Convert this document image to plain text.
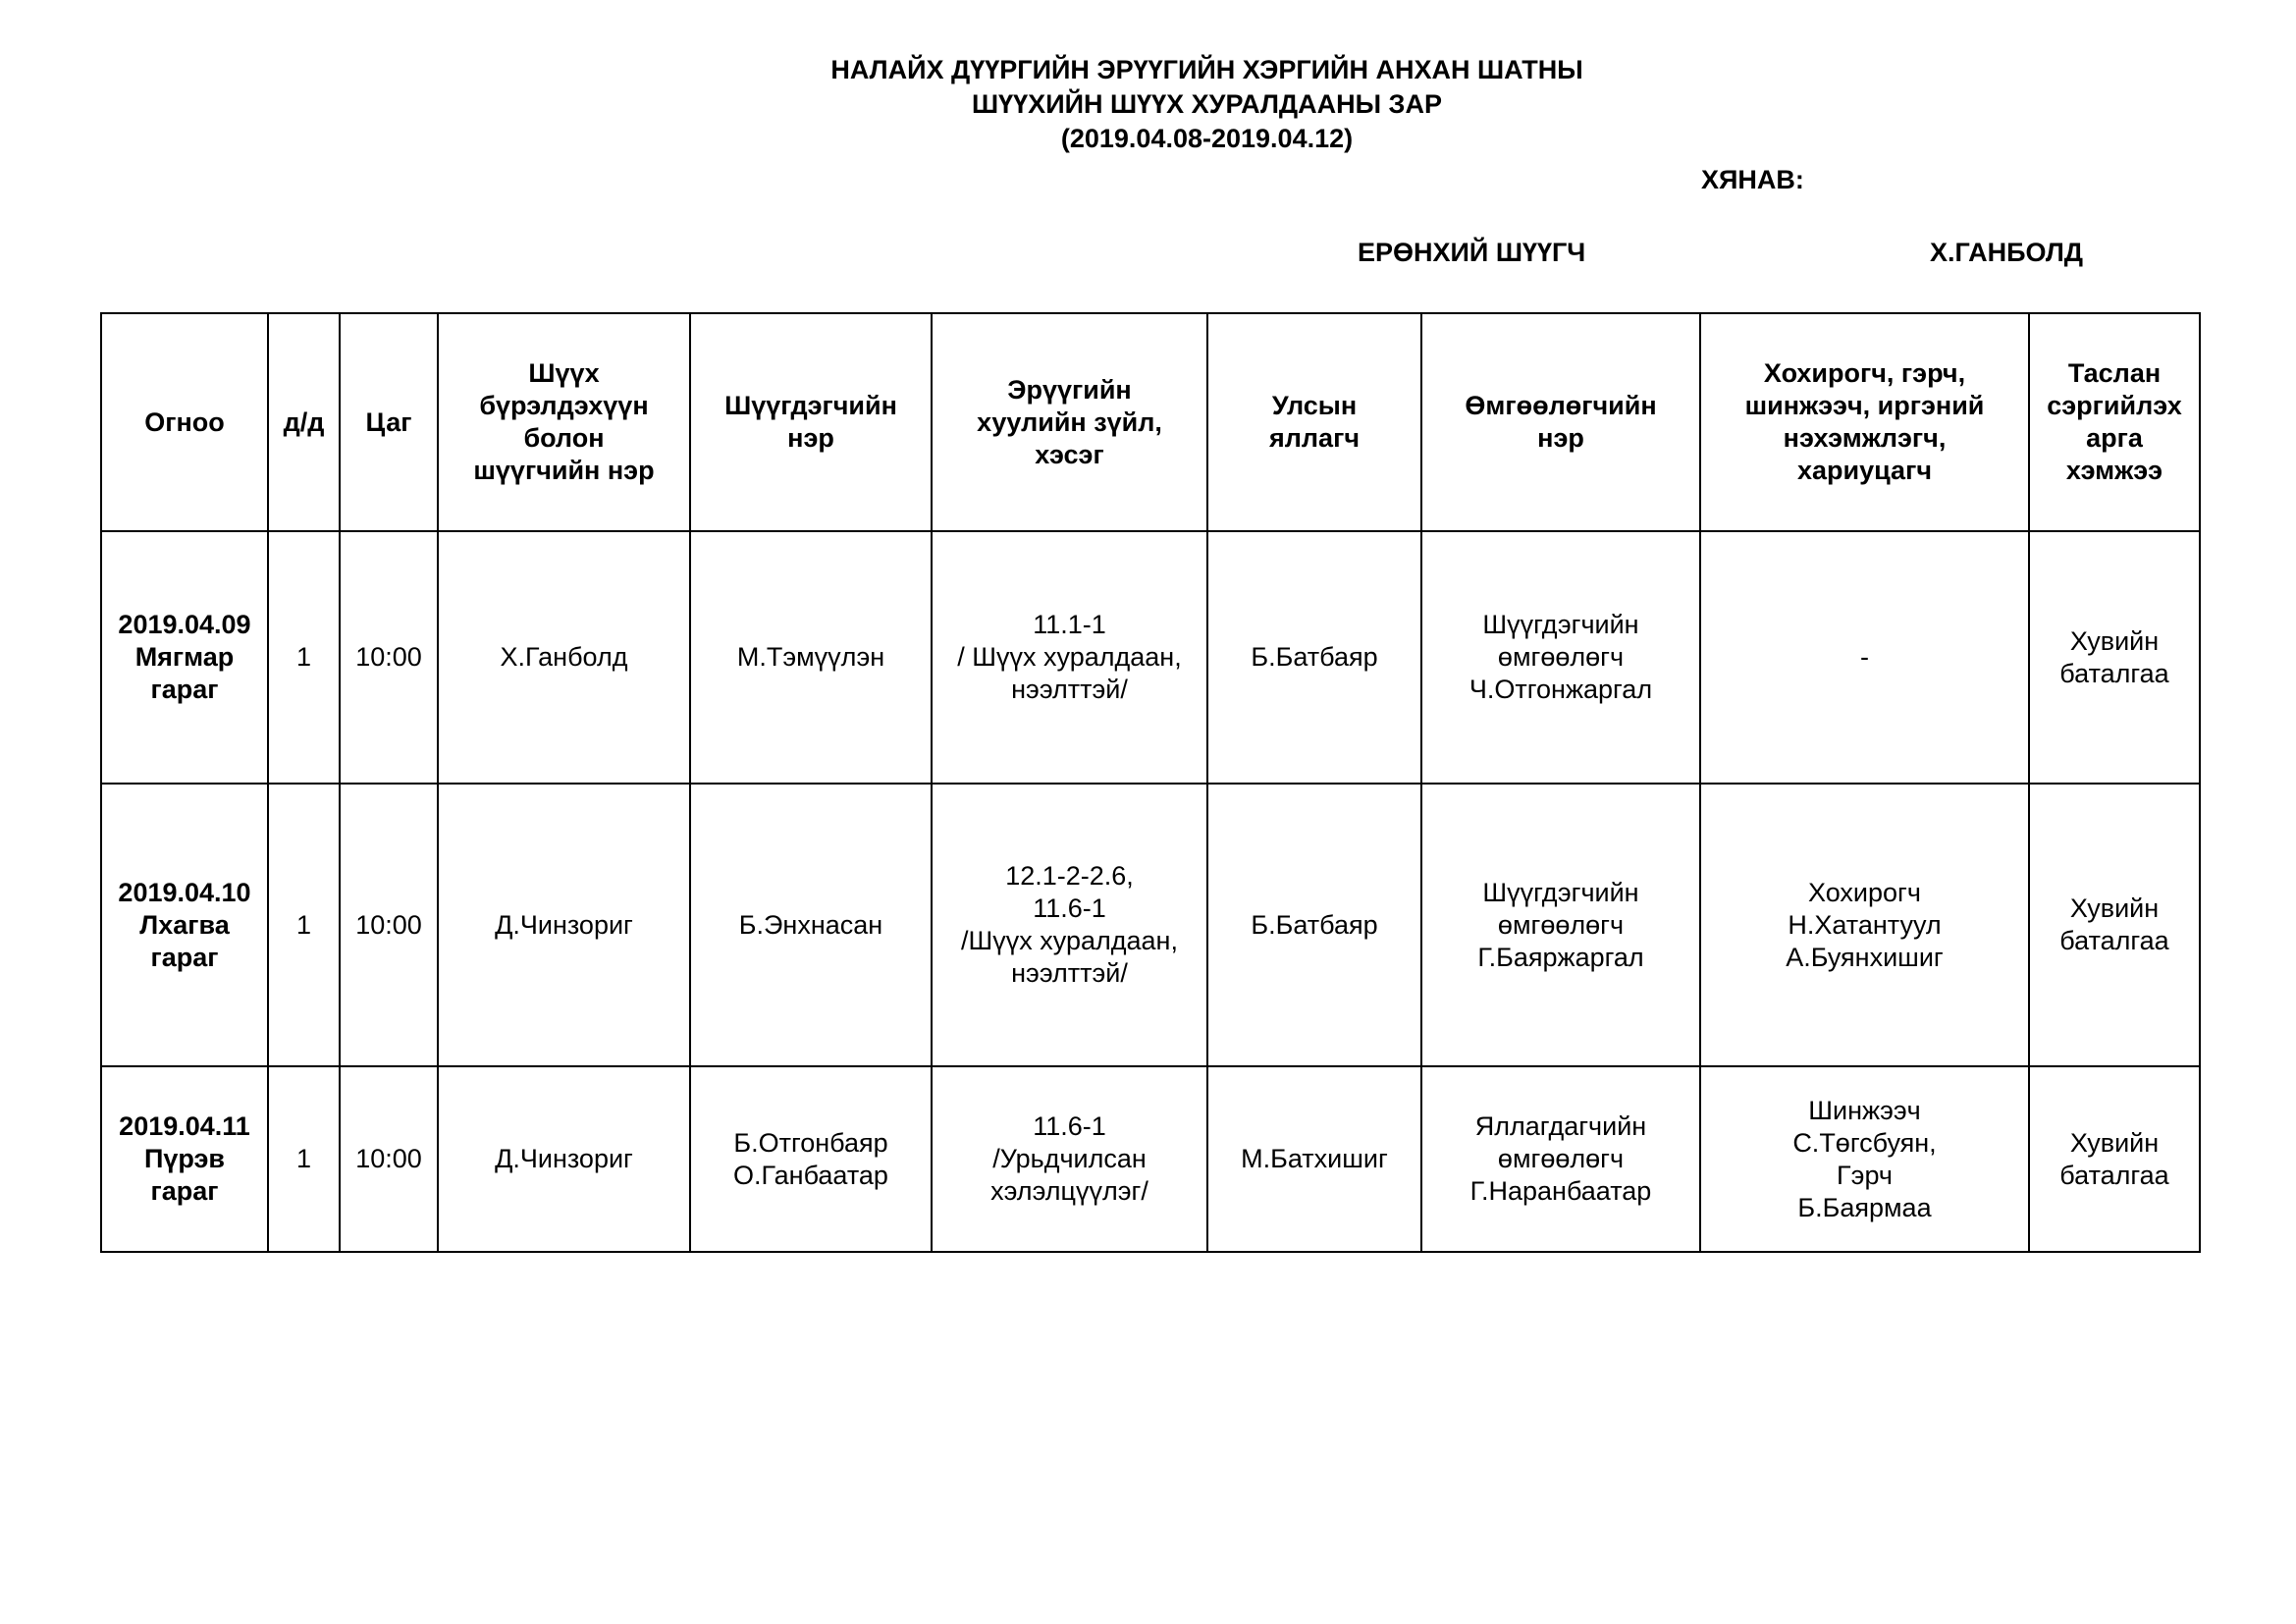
НАЛАЙХ ДҮҮРГИЙН ЭРҮҮГИЙН ХЭРГИЙН АНХАН ШАТНЫ
ШҮҮХИЙН ШҮҮХ ХУРАЛДААНЫ ЗАР
(2019.04.08-2019.04.12)
ХЯНАВ:
ЕРӨНХИЙ ШҮҮГЧ	Х.ГАНБОЛД
Огноо	д/д	Цаг	Шүүх
бүрэлдэхүүн
болон
шүүгчийн нэр	Шүүгдэгчийн
нэр	Эрүүгийн
хуулийн зүйл,
хэсэг	Улсын
яллагч	Өмгөөлөгчийн
нэр	Хохирогч, гэрч,
шинжээч, иргэний
нэхэмжлэгч,
хариуцагч	Таслан
сэргийлэх
арга
хэмжээ

2019.04.09
Мягмар
гараг	1	10:00	Х.Ганболд	М.Тэмүүлэн	11.1-1
/ Шүүх хуралдаан,
нээлттэй/	Б.Батбаяр	Шүүгдэгчийн
өмгөөлөгч
Ч.Отгонжаргал	-	Хувийн
баталгаа

2019.04.10
Лхагва
гараг	1	10:00	Д.Чинзориг	Б.Энхнасан	12.1-2-2.6,
11.6-1
/Шүүх хуралдаан,
нээлттэй/	Б.Батбаяр	Шүүгдэгчийн
өмгөөлөгч
Г.Баяржаргал	Хохирогч
Н.Хатантуул
А.Буянхишиг	Хувийн
баталгаа

2019.04.11
Пүрэв
гараг	1	10:00	Д.Чинзориг	Б.Отгонбаяр
О.Ганбаатар	11.6-1
/Урьдчилсан
хэлэлцүүлэг/	М.Батхишиг	Яллагдагчийн
өмгөөлөгч
Г.Наранбаатар	Шинжээч
С.Төгсбуян,
Гэрч
Б.Баярмаа	Хувийн
баталгаа
